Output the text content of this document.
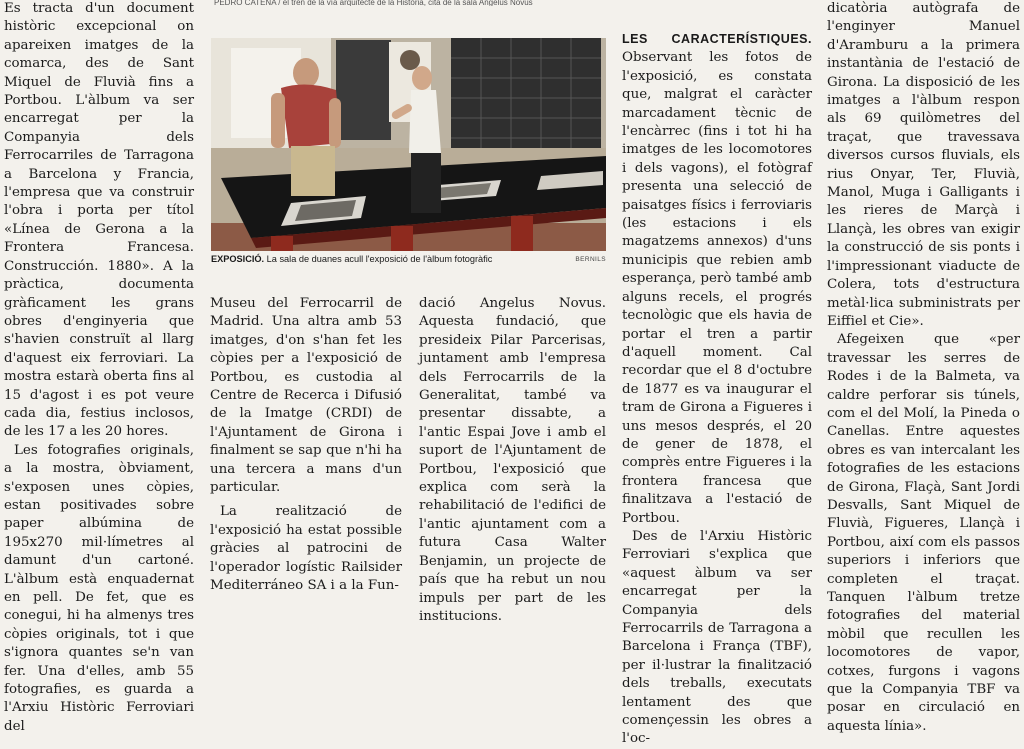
PEDRO CATENA / el tren de la vía arquitecte de la Història, cita de la sala Angelus Novus

Es tracta d'un document històric excepcional on apareixen imatges de la comarca, des de Sant Miquel de Fluvià fins a Portbou. L'àlbum va ser encarregat per la Companyia dels Ferrocarriles de Tarragona a Barcelona y Francia, l'empresa que va construir l'obra i porta per títol «Línea de Gerona a la Frontera Francesa. Construcción. 1880». A la pràctica, documenta gràficament les grans obres d'enginyeria que s'havien construït al llarg d'aquest eix ferroviari. La mostra estarà oberta fins al 15 d'agost i es pot veure cada dia, festius inclosos, de les 17 a les 20 hores.

Les fotografies originals, a la mostra, òbviament, s'exposen unes còpies, estan positivades sobre paper albúmina de 195x270 mil·límetres al damunt d'un cartoné. L'àlbum està enquadernat en pell. De fet, que es conegui, hi ha almenys tres còpies originals, tot i que s'ignora quantes se'n van fer. Una d'elles, amb 55 fotografies, es guarda a l'Arxiu Històric Ferroviari del

EXPOSICIÓ. La sala de duanes acull l'exposició de l'àlbum fotogràfic	BERNILS

Museu del Ferrocarril de Madrid. Una altra amb 53 imatges, d'on s'han fet les còpies per a l'exposició de Portbou, es custodia al Centre de Recerca i Difusió de la Imatge (CRDI) de l'Ajuntament de Girona i finalment se sap que n'hi ha una tercera a mans d'un particular.

La realització de l'exposició ha estat possible gràcies al patrocini de l'operador logístic Railsider Mediterráneo SA i a la Fun-

dació Angelus Novus. Aquesta fundació, que presideix Pilar Parcerisas, juntament amb l'empresa dels Ferrocarrils de la Generalitat, també va presentar dissabte, a l'antic Espai Jove i amb el suport de l'Ajuntament de Portbou, l'exposició que explica com serà la rehabilitació de l'edifici de l'antic ajuntament com a futura Casa Walter Benjamin, un projecte de país que ha rebut un nou impuls per part de les institucions.

LES CARACTERÍSTIQUES. Observant les fotos de l'exposició, es constata que, malgrat el caràcter marcadament tècnic de l'encàrrec (fins i tot hi ha imatges de les locomotores i dels vagons), el fotògraf presenta una selecció de paisatges físics i ferroviaris (les estacions i els magatzems annexos) d'uns municipis que rebien amb esperança, però també amb alguns recels, el progrés tecnològic que els havia de portar el tren a partir d'aquell moment. Cal recordar que el 8 d'octubre de 1877 es va inaugurar el tram de Girona a Figueres i uns mesos després, el 20 de gener de 1878, el comprès entre Figueres i la frontera francesa que finalitzava a l'estació de Portbou.

Des de l'Arxiu Històric Ferroviari s'explica que «aquest àlbum va ser encarregat per la Companyia dels Ferrocarrils de Tarragona a Barcelona i França (TBF), per il·lustrar la finalització dels treballs, executats lentament des que començessin les obres a l'oc-

dicatòria autògrafa de l'enginyer Manuel d'Aramburu a la primera instantània de l'estació de Girona. La disposició de les imatges a l'àlbum respon als 69 quilòmetres del traçat, que travessava diversos cursos fluvials, els rius Onyar, Ter, Fluvià, Manol, Muga i Galligants i les rieres de Marçà i Llançà, les obres van exigir la construcció de sis ponts i l'impressionant viaducte de Colera, tots d'estructura metàl·lica subministrats per Eiffiel et Cie».

Afegeixen que «per travessar les serres de Rodes i de la Balmeta, va caldre perforar sis túnels, com el del Molí, la Pineda o Canellas. Entre aquestes obres es van intercalant les fotografies de les estacions de Girona, Flaçà, Sant Jordi Desvalls, Sant Miquel de Fluvià, Figueres, Llançà i Portbou, així com els passos superiors i inferiors que completen el traçat. Tanquen l'àlbum tretze fotografies del material mòbil que recullen les locomotores de vapor, cotxes, furgons i vagons que la Companyia TBF va posar en circulació en aquesta línia».
